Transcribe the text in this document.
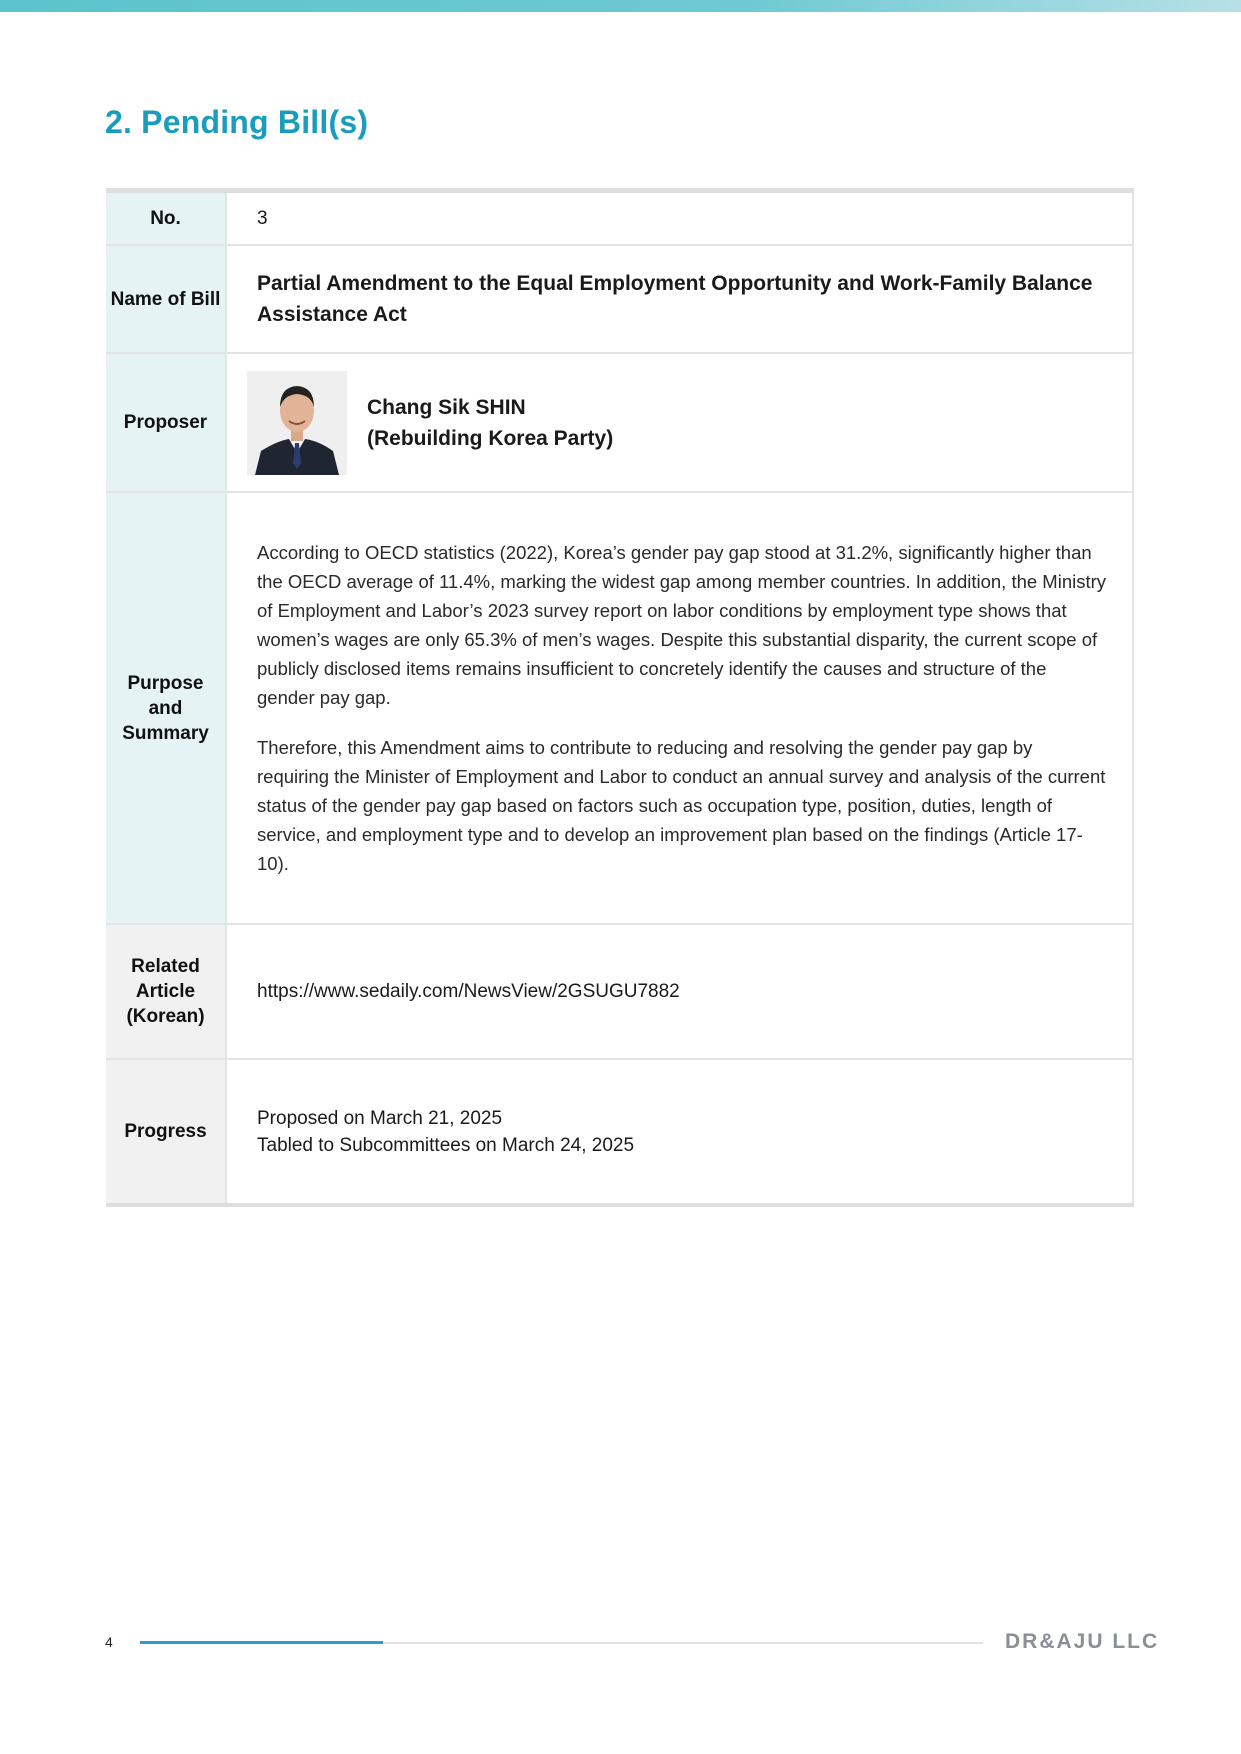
2. Pending Bill(s)
No.	3
Name of Bill
Partial Amendment to the Equal Employment Opportunity and Work-Family Balance Assistance Act
Proposer
Chang Sik SHIN
(Rebuilding Korea Party)
Purpose and Summary

According to OECD statistics (2022), Korea’s gender pay gap stood at 31.2%, significantly higher than the OECD average of 11.4%, marking the widest gap among member countries. In addition, the Ministry of Employment and Labor’s 2023 survey report on labor conditions by employment type shows that women’s wages are only 65.3% of men’s wages. Despite this substantial disparity, the current scope of publicly disclosed items remains insufficient to concretely identify the causes and structure of the gender pay gap.

Therefore, this Amendment aims to contribute to reducing and resolving the gender pay gap by requiring the Minister of Employment and Labor to conduct an annual survey and analysis of the current status of the gender pay gap based on factors such as occupation type, position, duties, length of service, and employment type and to develop an improvement plan based on the findings (Article 17-10).

Related Article (Korean)
https://www.sedaily.com/NewsView/2GSUGU7882
Progress
Proposed on March 21, 2025
Tabled to Subcommittees on March 24, 2025
4	DR&AJU LLC
